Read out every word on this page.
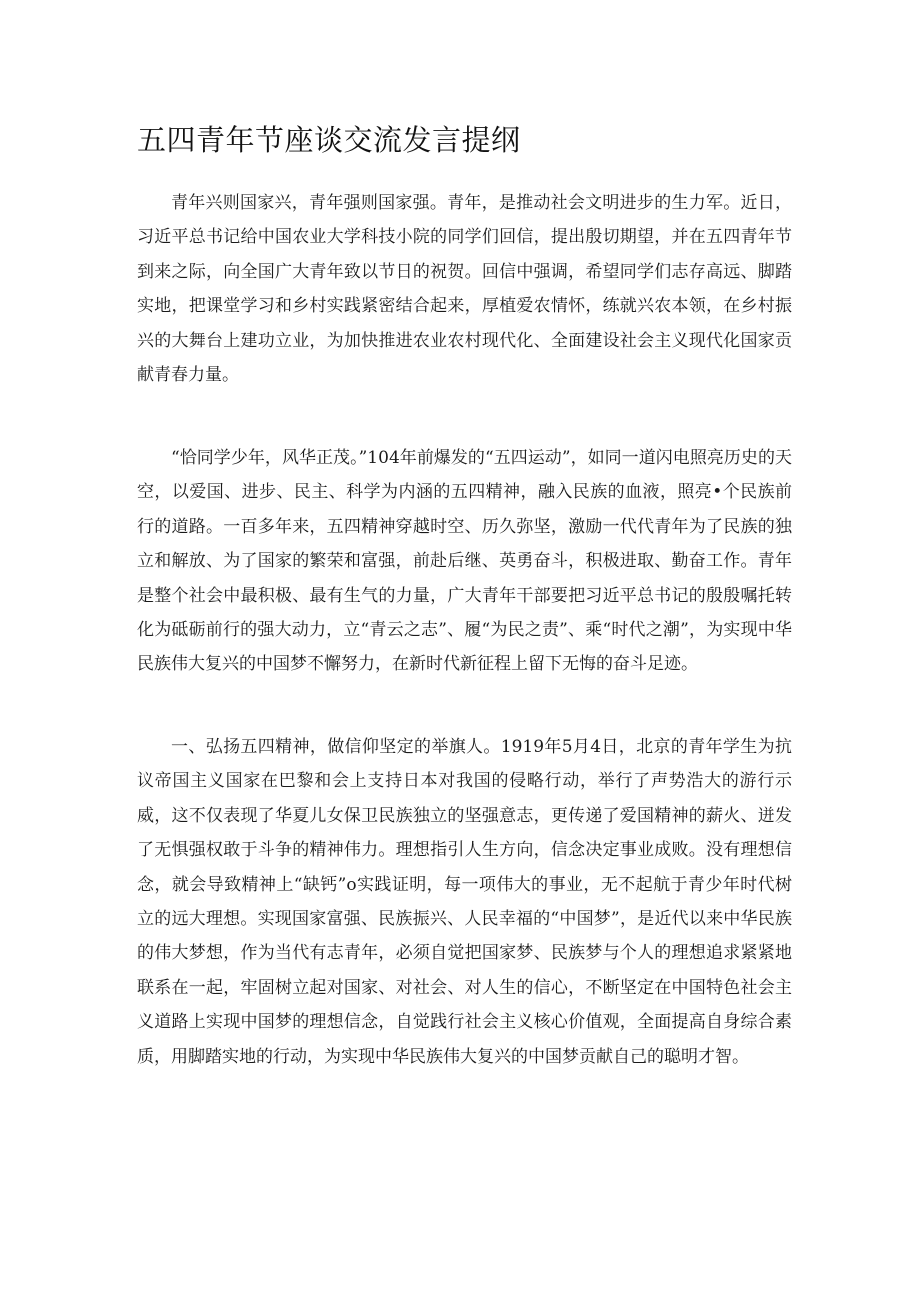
五四青年节座谈交流发言提纲

青年兴则国家兴，青年强则国家强。青年，是推动社会文明进步的生力军。近日，习近平总书记给中国农业大学科技小院的同学们回信，提出殷切期望，并在五四青年节到来之际，向全国广大青年致以节日的祝贺。回信中强调，希望同学们志存高远、脚踏实地，把课堂学习和乡村实践紧密结合起来，厚植爱农情怀，练就兴农本领，在乡村振兴的大舞台上建功立业，为加快推进农业农村现代化、全面建设社会主义现代化国家贡献青春力量。

“恰同学少年，风华正茂。”104年前爆发的“五四运动”，如同一道闪电照亮历史的天空，以爱国、进步、民主、科学为内涵的五四精神，融入民族的血液，照亮•个民族前行的道路。一百多年来，五四精神穿越时空、历久弥坚，激励一代代青年为了民族的独立和解放、为了国家的繁荣和富强，前赴后继、英勇奋斗，积极进取、勤奋工作。青年是整个社会中最积极、最有生气的力量，广大青年干部要把习近平总书记的殷殷嘱托转化为砥砺前行的强大动力，立“青云之志”、履“为民之责”、乘“时代之潮”，为实现中华民族伟大复兴的中国梦不懈努力，在新时代新征程上留下无悔的奋斗足迹。

一、弘扬五四精神，做信仰坚定的举旗人。1919年5月4日，北京的青年学生为抗议帝国主义国家在巴黎和会上支持日本对我国的侵略行动，举行了声势浩大的游行示威，这不仅表现了华夏儿女保卫民族独立的坚强意志，更传递了爱国精神的薪火、迸发了无惧强权敢于斗争的精神伟力。理想指引人生方向，信念决定事业成败。没有理想信念，就会导致精神上“缺钙”o实践证明，每一项伟大的事业，无不起航于青少年时代树立的远大理想。实现国家富强、民族振兴、人民幸福的“中国梦”，是近代以来中华民族的伟大梦想，作为当代有志青年，必须自觉把国家梦、民族梦与个人的理想追求紧紧地联系在一起，牢固树立起对国家、对社会、对人生的信心，不断坚定在中国特色社会主义道路上实现中国梦的理想信念，自觉践行社会主义核心价值观，全面提高自身综合素质，用脚踏实地的行动，为实现中华民族伟大复兴的中国梦贡献自己的聪明才智。
